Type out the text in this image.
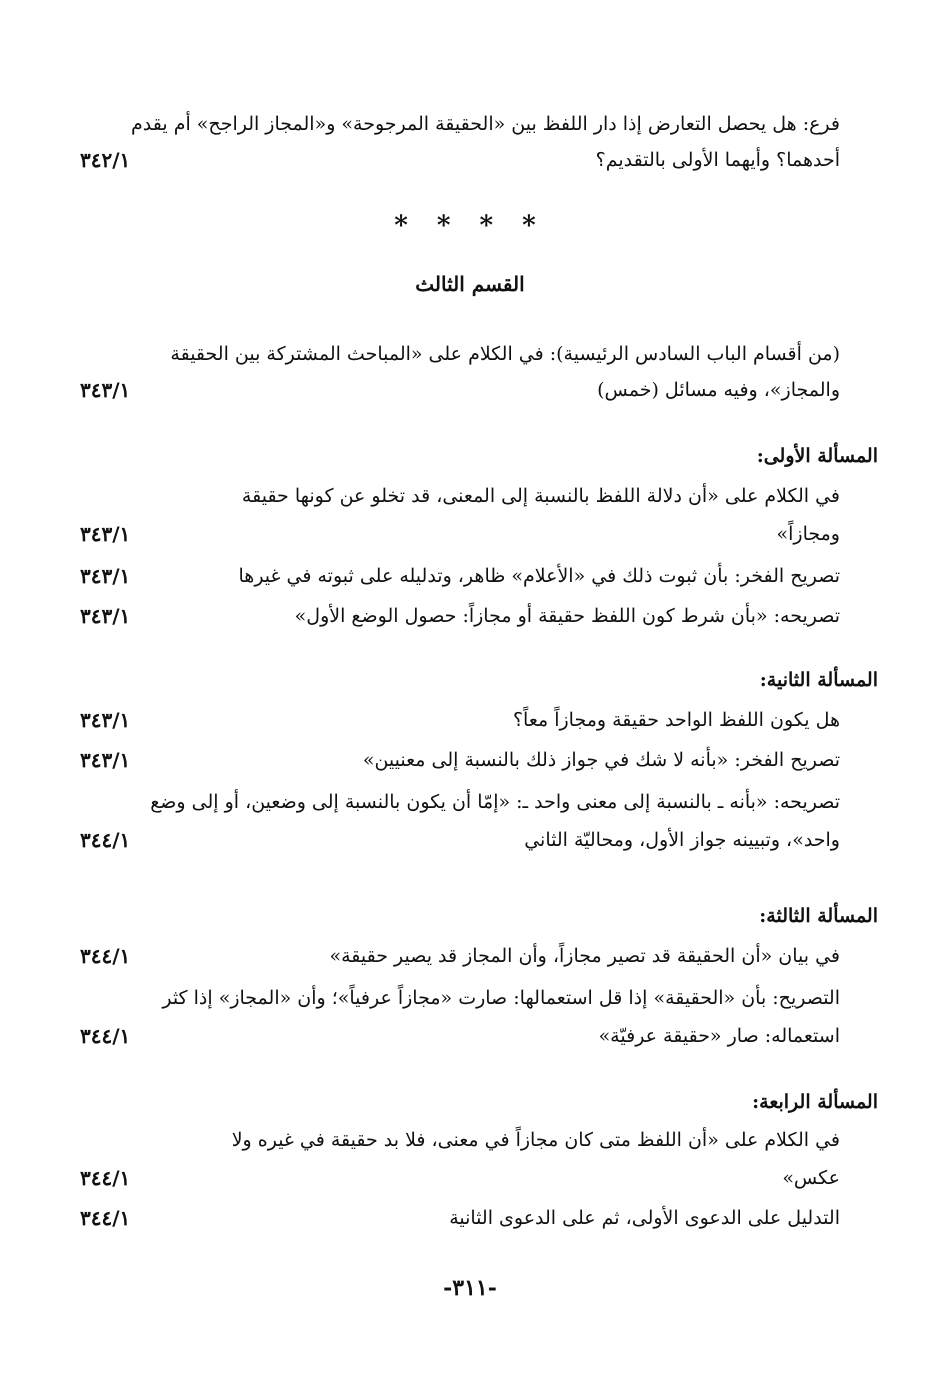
فرع: هل يحصل التعارض إذا دار اللفظ بين «الحقيقة المرجوحة» و«المجاز الراجح» أم يقدم
أحدهما؟ وأيهما الأولى بالتقديم؟
٣٤٢/١
* * * *
القسم الثالث
(من أقسام الباب السادس الرئيسية): في الكلام على «المباحث المشتركة بين الحقيقة
والمجاز»، وفيه مسائل (خمس)
٣٤٣/١
المسألة الأولى:
في الكلام على «أن دلالة اللفظ بالنسبة إلى المعنى، قد تخلو عن كونها حقيقة
ومجازاً»
٣٤٣/١
تصريح الفخر: بأن ثبوت ذلك في «الأعلام» ظاهر، وتدليله على ثبوته في غيرها
٣٤٣/١
تصريحه: «بأن شرط كون اللفظ حقيقة أو مجازاً: حصول الوضع الأول»
٣٤٣/١
المسألة الثانية:
هل يكون اللفظ الواحد حقيقة ومجازاً معاً؟
٣٤٣/١
تصريح الفخر: «بأنه لا شك في جواز ذلك بالنسبة إلى معنيين»
٣٤٣/١
تصريحه: «بأنه ـ بالنسبة إلى معنى واحد ـ: «إمّا أن يكون بالنسبة إلى وضعين، أو إلى وضع
واحد»، وتبيينه جواز الأول، ومحاليّة الثاني
٣٤٤/١
المسألة الثالثة:
في بيان «أن الحقيقة قد تصير مجازاً، وأن المجاز قد يصير حقيقة»
٣٤٤/١
التصريح: بأن «الحقيقة» إذا قل استعمالها: صارت «مجازاً عرفياً»؛ وأن «المجاز» إذا كثر
استعماله: صار «حقيقة عرفيّة»
٣٤٤/١
المسألة الرابعة:
في الكلام على «أن اللفظ متى كان مجازاً في معنى، فلا بد حقيقة في غيره ولا
عكس»
٣٤٤/١
التدليل على الدعوى الأولى، ثم على الدعوى الثانية
٣٤٤/١
-٣١١-
